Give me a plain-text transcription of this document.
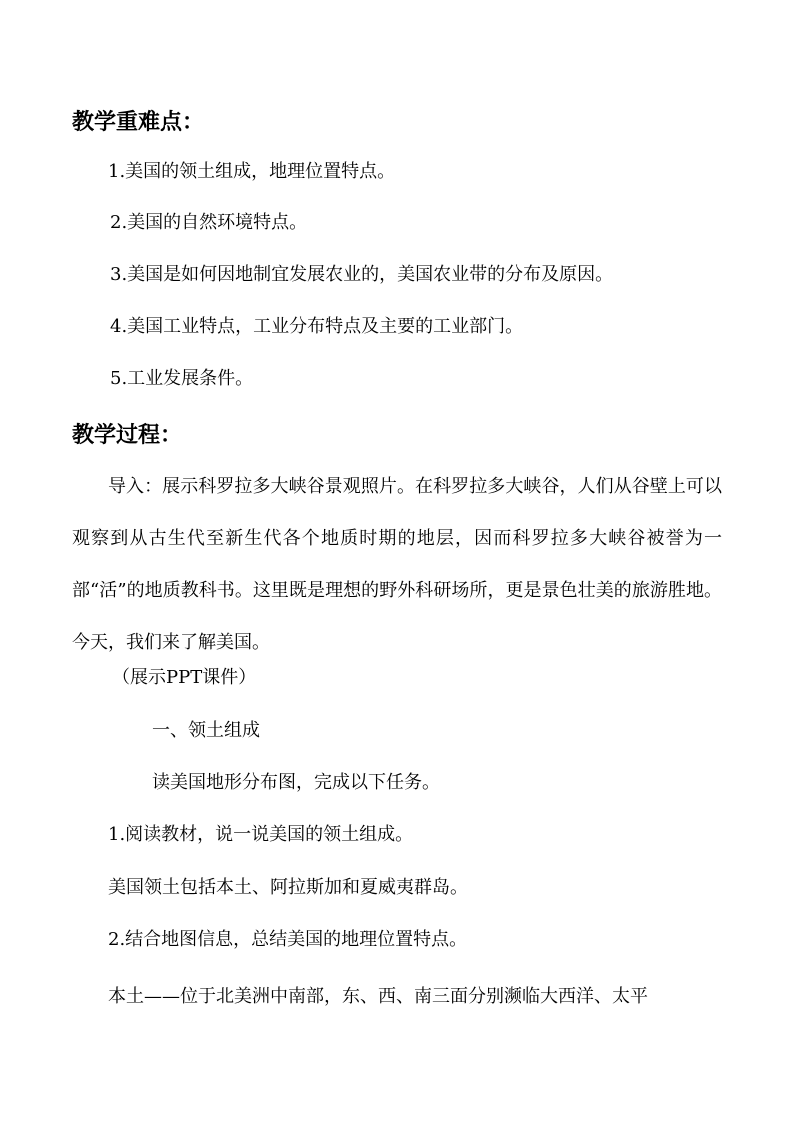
教学重难点：
1.美国的领土组成，地理位置特点。
2.美国的自然环境特点。
3.美国是如何因地制宜发展农业的，美国农业带的分布及原因。
4.美国工业特点，工业分布特点及主要的工业部门。
5.工业发展条件。
教学过程：
导入：展示科罗拉多大峡谷景观照片。在科罗拉多大峡谷，人们从谷壁上可以观察到从古生代至新生代各个地质时期的地层，因而科罗拉多大峡谷被誉为一部“活”的地质教科书。这里既是理想的野外科研场所，更是景色壮美的旅游胜地。今天，我们来了解美国。
（展示PPT课件）
一、领土组成
读美国地形分布图，完成以下任务。
1.阅读教材，说一说美国的领土组成。
美国领土包括本土、阿拉斯加和夏威夷群岛。
2.结合地图信息，总结美国的地理位置特点。
本土——位于北美洲中南部，东、西、南三面分别濒临大西洋、太平
